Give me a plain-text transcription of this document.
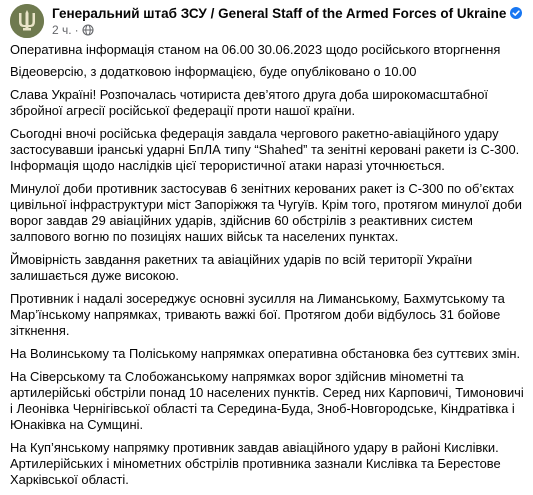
Генеральний штаб ЗСУ / General Staff of the Armed Forces of Ukraine
2 ч. ·

Оперативна інформація станом на 06.00 30.06.2023 щодо російського вторгнення

Відеоверсію, з додатковою інформацією, буде опубліковано о 10.00

Слава Україні! Розпочалась чотириста дев’ятого друга доба широкомасштабної збройної агресії російської федерації проти нашої країни.

Сьогодні вночі російська федерація завдала чергового ракетно-авіаційного удару застосувавши іранські ударні БпЛА типу “Shahed” та зенітні керовані ракети із С-300. Інформація щодо наслідків цієї терористичної атаки наразі уточнюється.

Минулої доби противник застосував 6 зенітних керованих ракет із С-300 по об’єктах цивільної інфраструктури міст Запоріжжя та Чугуїв. Крім того, протягом минулої доби ворог завдав 29 авіаційних ударів, здійснив 60 обстрілів з реактивних систем залпового вогню по позиціях наших військ та населених пунктах.

Ймовірність завдання ракетних та авіаційних ударів по всій території України залишається дуже високою.

Противник і надалі зосереджує основні зусилля на Лиманському, Бахмутському та Мар’їнському напрямках, тривають важкі бої. Протягом доби відбулось 31 бойове зіткнення.

На Волинському та Поліському напрямках оперативна обстановка без суттєвих змін.

На Сіверському та Слобожанському напрямках ворог здійснив мінометні та артилерійські обстріли понад 10 населених пунктів. Серед них Карповичі, Тимоновичі і Леонівка Чернігівської області та Середина-Буда, Зноб-Новгородське, Кіндратівка і Юнаківка на Сумщині.

На Куп’янському напрямку противник завдав авіаційного удару в районі Кислівки. Артилерійських і мінометних обстрілів противника зазнали Кислівка та Берестове Харківської області.
